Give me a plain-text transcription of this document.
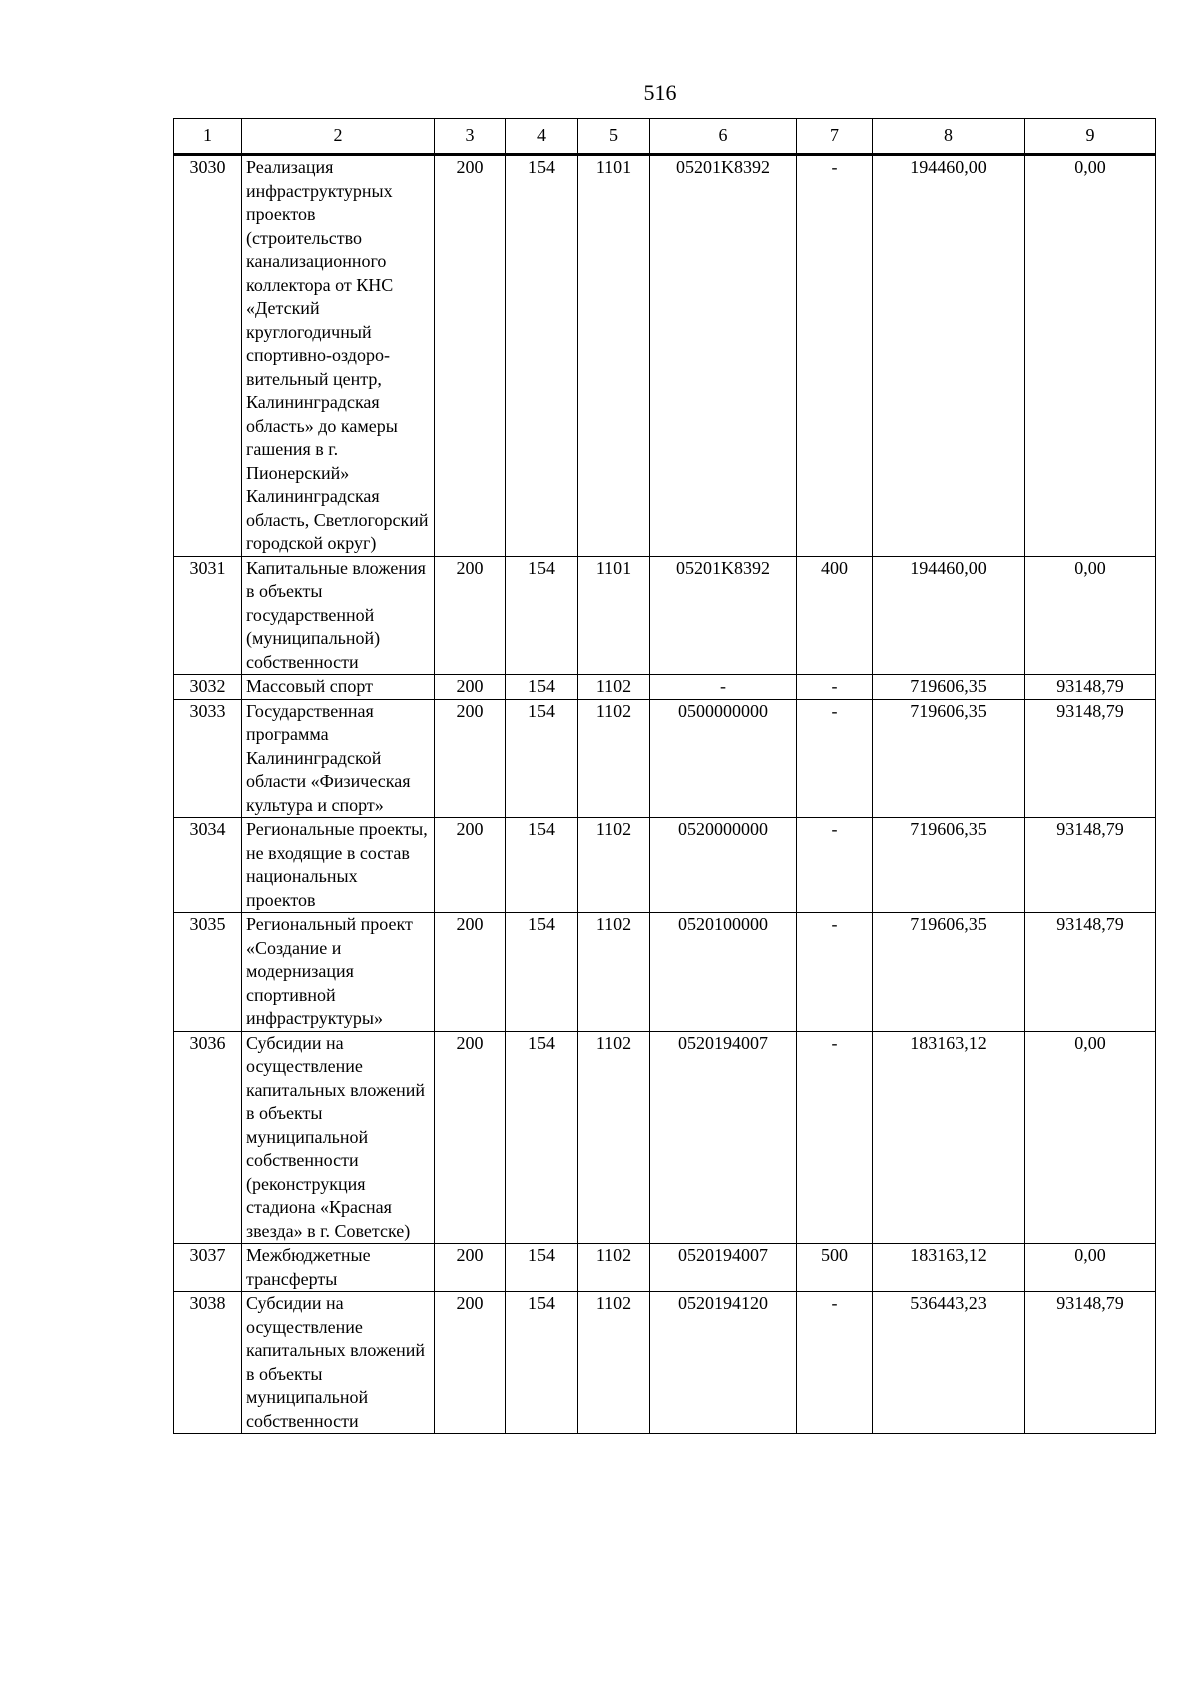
516
1	2	3	4	5	6	7	8	9
3030	Реализация инфраструктурных проектов (строительство канализационного коллектора от КНС «Детский круглогодичный спортивно-оздоро-вительный центр, Калининградская область» до камеры гашения в г. Пионерский» Калининградская область, Светлогорский городской округ)	200	154	1101	05201K8392	-	194460,00	0,00
3031	Капитальные вложения в объекты государственной (муниципальной) собственности	200	154	1101	05201K8392	400	194460,00	0,00
3032	Массовый спорт	200	154	1102	-	-	719606,35	93148,79
3033	Государственная программа Калининградской области «Физическая культура и спорт»	200	154	1102	0500000000	-	719606,35	93148,79
3034	Региональные проекты, не входящие в состав национальных проектов	200	154	1102	0520000000	-	719606,35	93148,79
3035	Региональный проект «Создание и модернизация спортивной инфраструктуры»	200	154	1102	0520100000	-	719606,35	93148,79
3036	Субсидии на осуществление капитальных вложений в объекты муниципальной собственности (реконструкция стадиона «Красная звезда» в г. Советске)	200	154	1102	0520194007	-	183163,12	0,00
3037	Межбюджетные трансферты	200	154	1102	0520194007	500	183163,12	0,00
3038	Субсидии на осуществление капитальных вложений в объекты муниципальной собственности	200	154	1102	0520194120	-	536443,23	93148,79
